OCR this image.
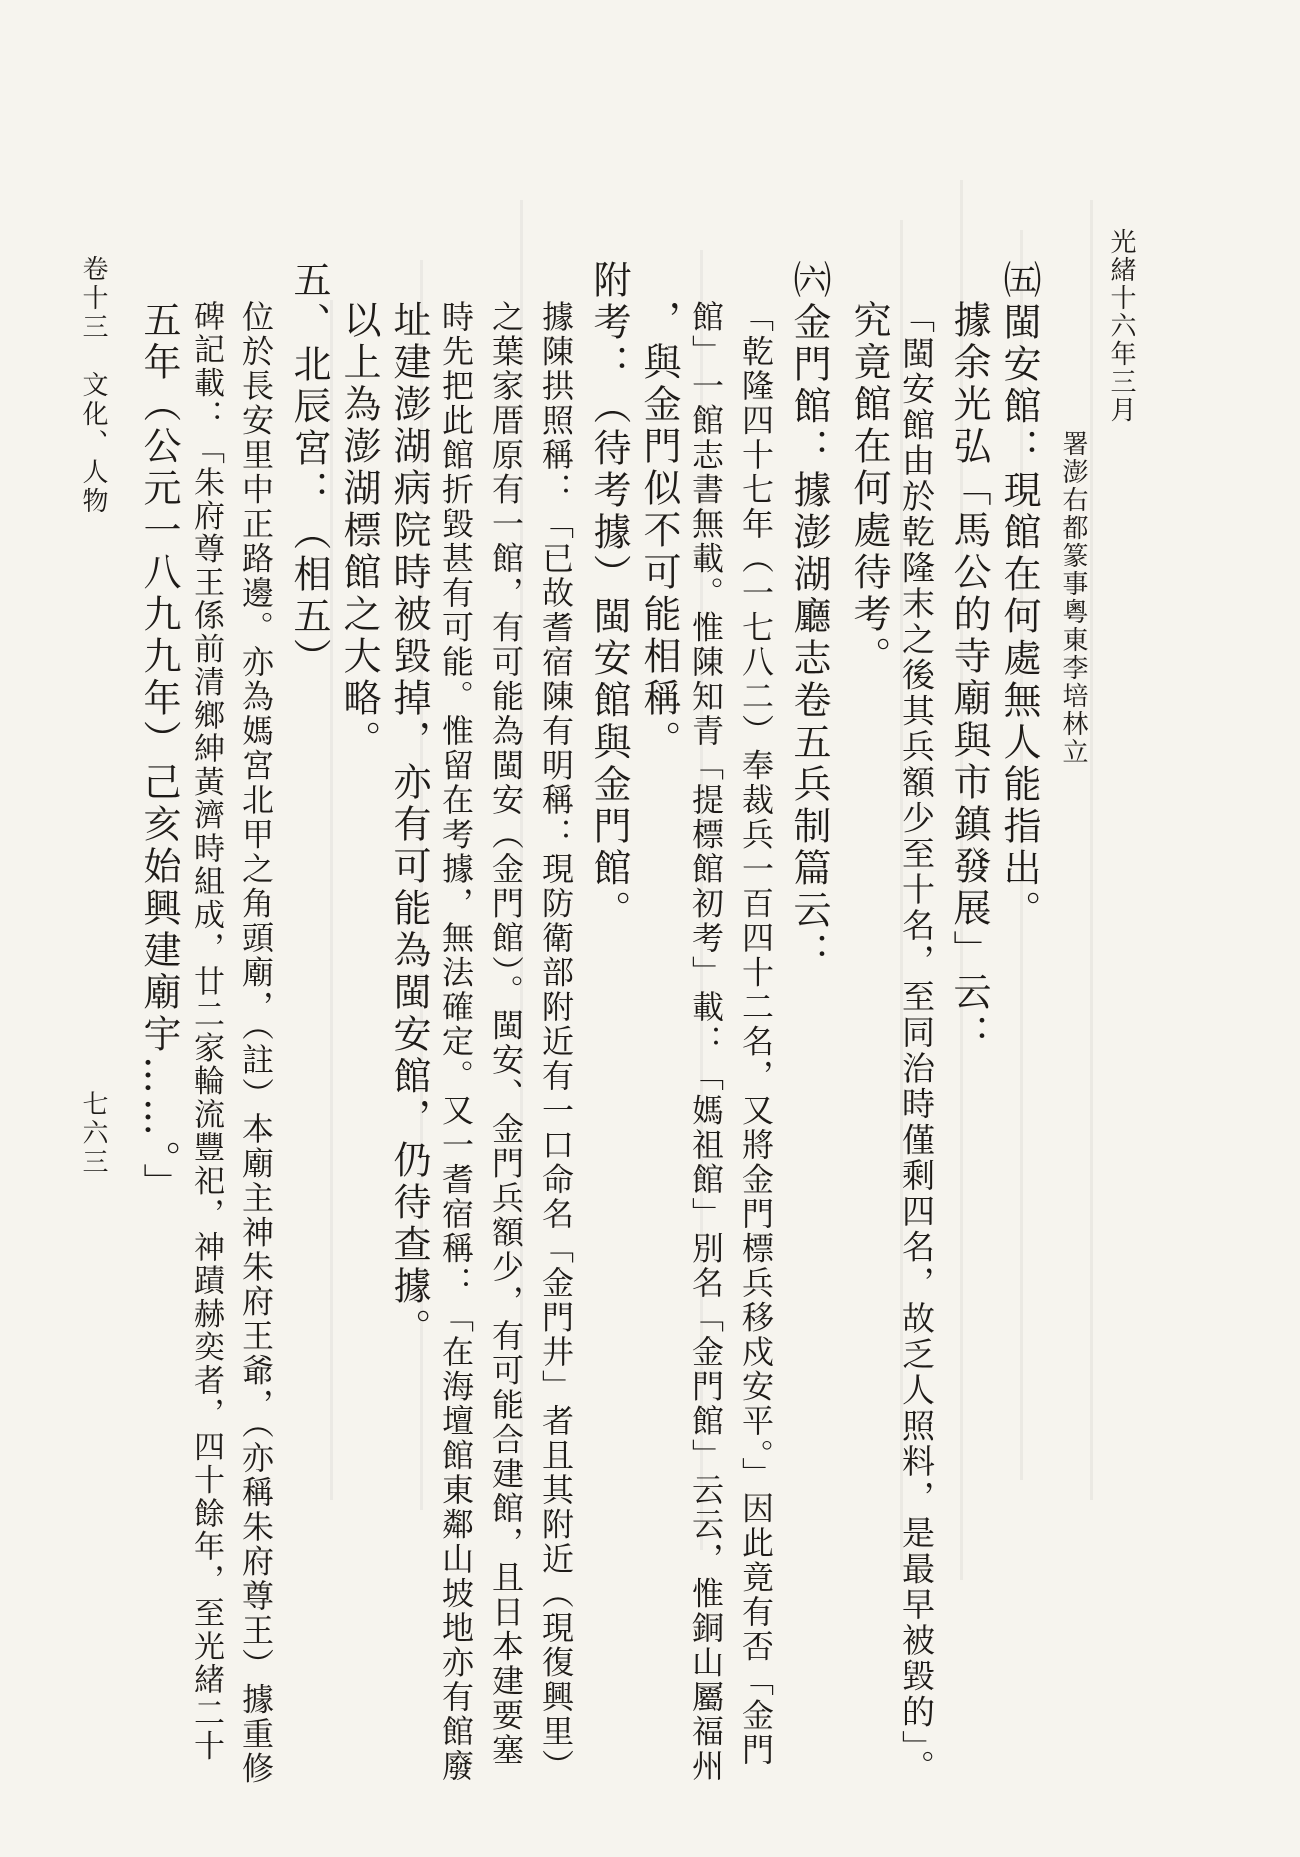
光緒十六年三月
署澎右都篆事粵東李培林立
㈤閩安館：現館在何處無人能指出。
據余光弘「馬公的寺廟與市鎮發展」云：
「閩安館由於乾隆末之後其兵額少至十名，至同治時僅剩四名，故乏人照料，是最早被毀的」。
究竟館在何處待考。
㈥金門館：據澎湖廳志卷五兵制篇云：
「乾隆四十七年（一七八二）奉裁兵一百四十二名，又將金門標兵移戍安平。」因此竟有否「金門
館」一館志書無載。惟陳知青「提標館初考」載：「媽祖館」別名「金門館」云云，惟銅山屬福州
，與金門似不可能相稱。
附考：（待考據）閩安館與金門館。
據陳拱照稱：「已故耆宿陳有明稱：現防衛部附近有一口命名「金門井」者且其附近（現復興里）
之葉家厝原有一館，有可能為閩安（金門館）。閩安、金門兵額少，有可能合建館，且日本建要塞
時先把此館折毀甚有可能。惟留在考據，無法確定。又一耆宿稱：「在海壇館東鄰山坡地亦有館廢
址建澎湖病院時被毀掉，亦有可能為閩安館，仍待查據。
以上為澎湖標館之大略。
五、北辰宮：（相五）
位於長安里中正路邊。亦為媽宮北甲之角頭廟，（註）本廟主神朱府王爺，（亦稱朱府尊王）據重修
碑記載：「朱府尊王係前清鄉紳黃濟時組成，廿二家輪流豐祀，神蹟赫奕者，四十餘年，至光緒二十
五年（公元一八九九年）己亥始興建廟宇……。」
七六三
卷十三　文化、人物
